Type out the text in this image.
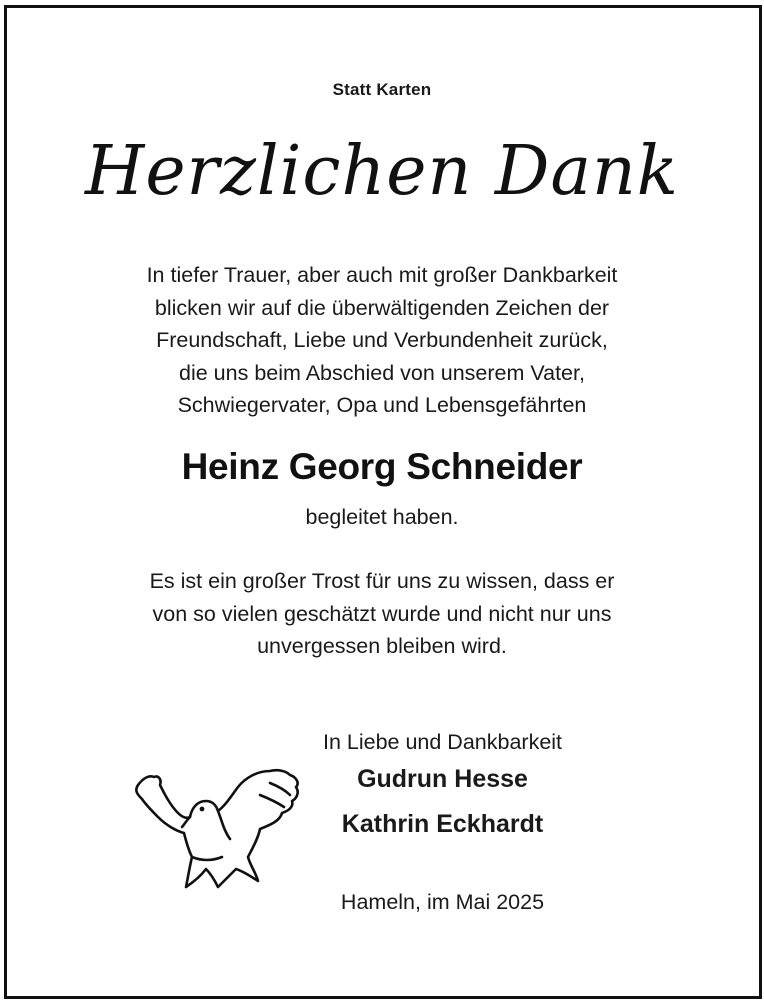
Statt Karten
Herzlichen Dank
In tiefer Trauer, aber auch mit großer Dankbarkeit
blicken wir auf die überwältigenden Zeichen der
Freundschaft, Liebe und Verbundenheit zurück,
die uns beim Abschied von unserem Vater,
Schwiegervater, Opa und Lebensgefährten
Heinz Georg Schneider
begleitet haben.
Es ist ein großer Trost für uns zu wissen, dass er
von so vielen geschätzt wurde und nicht nur uns
unvergessen bleiben wird.
In Liebe und Dankbarkeit
Gudrun Hesse
Kathrin Eckhardt
Hameln, im Mai 2025
